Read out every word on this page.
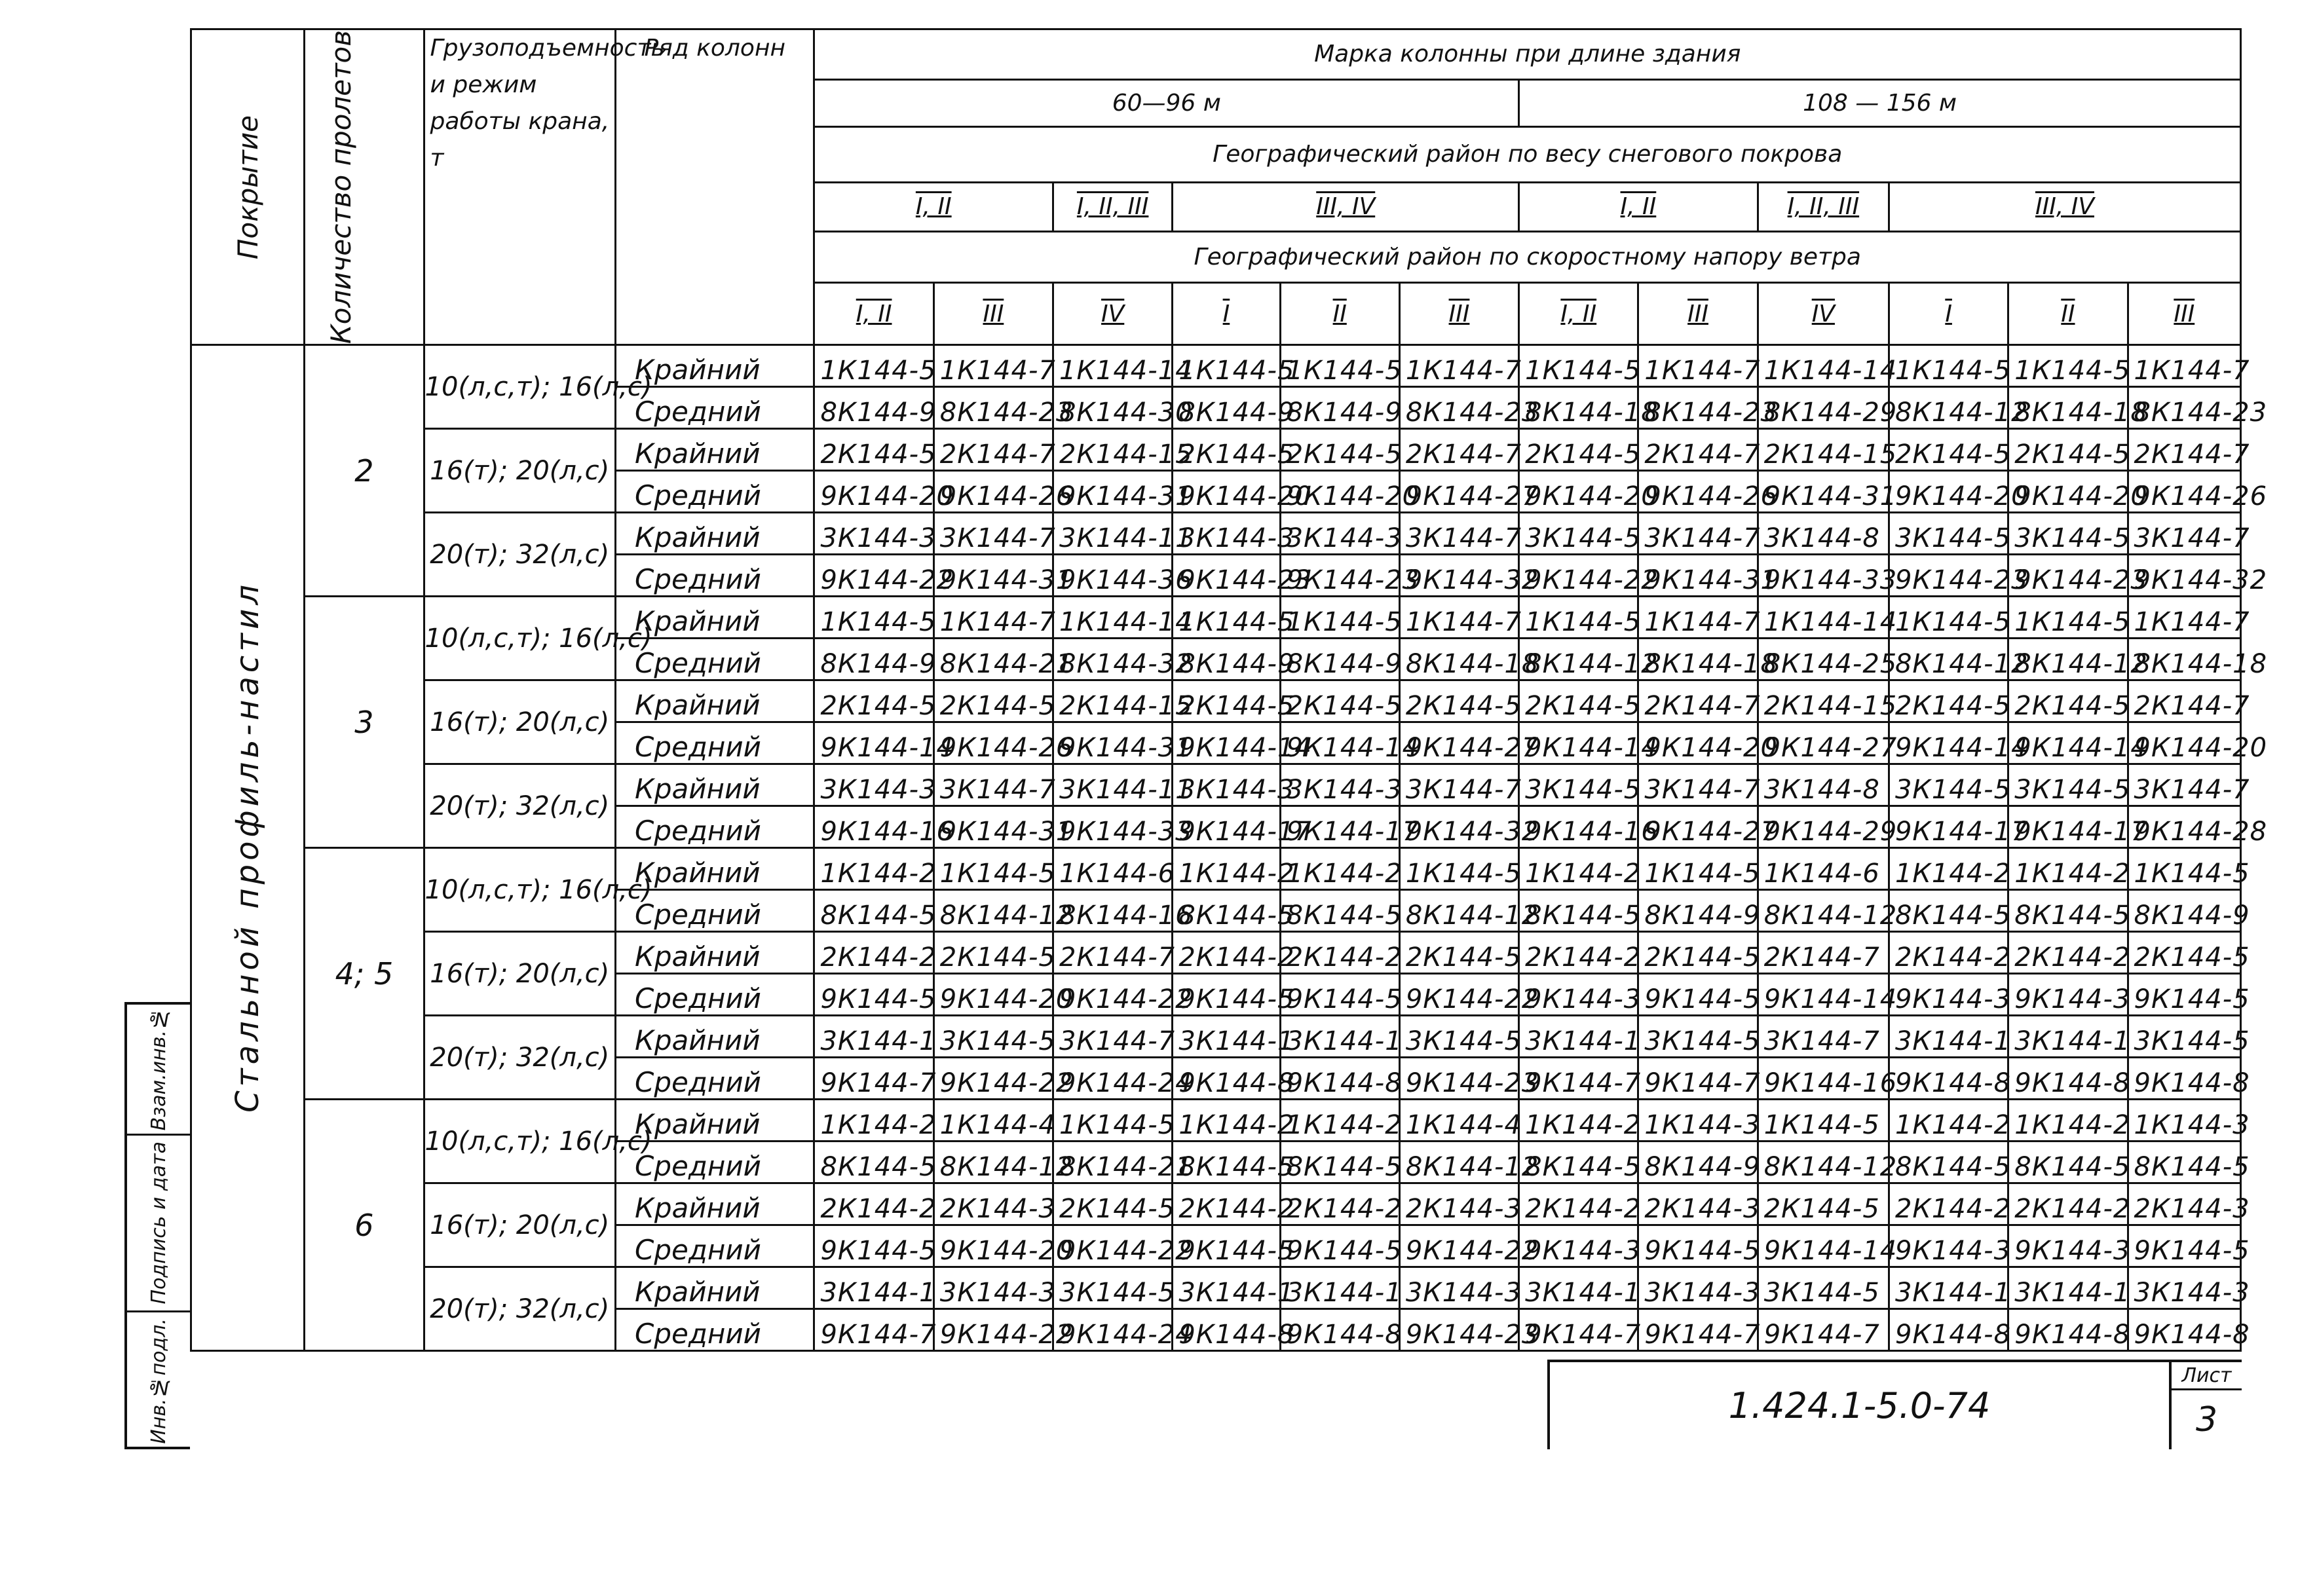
Покрытие	Количество пролетов	Грузоподъемность и режим работы крана, т	Ряд колонн	Марка колонны при длине здания											
				60—96 м						108 — 156 м					
				Географический район по весу снегового покрова											
				I, II		I, II, III	III, IV			I, II		I, II, III	III, IV		
				Географический район по скоростному напору ветра											
				I, II	III	IV	I	II	III	I, II	III	IV	I	II	III
Стальной профиль-настил	2	10(л,с,т); 16(л,с)	Крайний	1К144-5	1К144-7	1К144-14	1К144-5	1К144-5	1К144-7	1К144-5	1К144-7	1К144-14	1К144-5	1К144-5	1К144-7
			Средний	8К144-9	8К144-23	8К144-30	8К144-9	8К144-9	8К144-23	8К144-18	8К144-23	8К144-29	8К144-12	8К144-18	8К144-23
		16(т); 20(л,с)	Крайний	2К144-5	2К144-7	2К144-15	2К144-5	2К144-5	2К144-7	2К144-5	2К144-7	2К144-15	2К144-5	2К144-5	2К144-7
			Средний	9К144-20	9К144-26	9К144-31	9К144-20	9К144-20	9К144-27	9К144-20	9К144-26	9К144-31	9К144-20	9К144-20	9К144-26
		20(т); 32(л,с)	Крайний	3К144-3	3К144-7	3К144-11	3К144-3	3К144-3	3К144-7	3К144-5	3К144-7	3К144-8	3К144-5	3К144-5	3К144-7
			Средний	9К144-22	9К144-31	9К144-36	9К144-23	9К144-23	9К144-32	9К144-22	9К144-31	9К144-33	9К144-23	9К144-23	9К144-32
	3	10(л,с,т); 16(л,с)	Крайний	1К144-5	1К144-7	1К144-14	1К144-5	1К144-5	1К144-7	1К144-5	1К144-7	1К144-14	1К144-5	1К144-5	1К144-7
			Средний	8К144-9	8К144-21	8К144-32	8К144-9	8К144-9	8К144-18	8К144-12	8К144-18	8К144-25	8К144-12	8К144-12	8К144-18
		16(т); 20(л,с)	Крайний	2К144-5	2К144-5	2К144-15	2К144-5	2К144-5	2К144-5	2К144-5	2К144-7	2К144-15	2К144-5	2К144-5	2К144-7
			Средний	9К144-14	9К144-26	9К144-31	9К144-14	9К144-14	9К144-27	9К144-14	9К144-20	9К144-27	9К144-14	9К144-14	9К144-20
		20(т); 32(л,с)	Крайний	3К144-3	3К144-7	3К144-11	3К144-3	3К144-3	3К144-7	3К144-5	3К144-7	3К144-8	3К144-5	3К144-5	3К144-7
			Средний	9К144-16	9К144-31	9К144-33	9К144-17	9К144-17	9К144-32	9К144-16	9К144-27	9К144-29	9К144-17	9К144-17	9К144-28
	4; 5	10(л,с,т); 16(л,с)	Крайний	1К144-2	1К144-5	1К144-6	1К144-2	1К144-2	1К144-5	1К144-2	1К144-5	1К144-6	1К144-2	1К144-2	1К144-5
			Средний	8К144-5	8К144-12	8К144-16	8К144-5	8К144-5	8К144-12	8К144-5	8К144-9	8К144-12	8К144-5	8К144-5	8К144-9
		16(т); 20(л,с)	Крайний	2К144-2	2К144-5	2К144-7	2К144-2	2К144-2	2К144-5	2К144-2	2К144-5	2К144-7	2К144-2	2К144-2	2К144-5
			Средний	9К144-5	9К144-20	9К144-22	9К144-5	9К144-5	9К144-22	9К144-3	9К144-5	9К144-14	9К144-3	9К144-3	9К144-5
		20(т); 32(л,с)	Крайний	3К144-1	3К144-5	3К144-7	3К144-1	3К144-1	3К144-5	3К144-1	3К144-5	3К144-7	3К144-1	3К144-1	3К144-5
			Средний	9К144-7	9К144-22	9К144-24	9К144-8	9К144-8	9К144-23	9К144-7	9К144-7	9К144-16	9К144-8	9К144-8	9К144-8
	6	10(л,с,т); 16(л,с)	Крайний	1К144-2	1К144-4	1К144-5	1К144-2	1К144-2	1К144-4	1К144-2	1К144-3	1К144-5	1К144-2	1К144-2	1К144-3
			Средний	8К144-5	8К144-12	8К144-21	8К144-5	8К144-5	8К144-12	8К144-5	8К144-9	8К144-12	8К144-5	8К144-5	8К144-5
		16(т); 20(л,с)	Крайний	2К144-2	2К144-3	2К144-5	2К144-2	2К144-2	2К144-3	2К144-2	2К144-3	2К144-5	2К144-2	2К144-2	2К144-3
			Средний	9К144-5	9К144-20	9К144-22	9К144-5	9К144-5	9К144-22	9К144-3	9К144-5	9К144-14	9К144-3	9К144-3	9К144-5
		20(т); 32(л,с)	Крайний	3К144-1	3К144-3	3К144-5	3К144-1	3К144-1	3К144-3	3К144-1	3К144-3	3К144-5	3К144-1	3К144-1	3К144-3
			Средний	9К144-7	9К144-22	9К144-24	9К144-8	9К144-8	9К144-23	9К144-7	9К144-7	9К144-7	9К144-8	9К144-8	9К144-8

Взам.инв.№
Подпись и дата
Инв.№подл.	1.424.1-5.0-74
Лист
3
